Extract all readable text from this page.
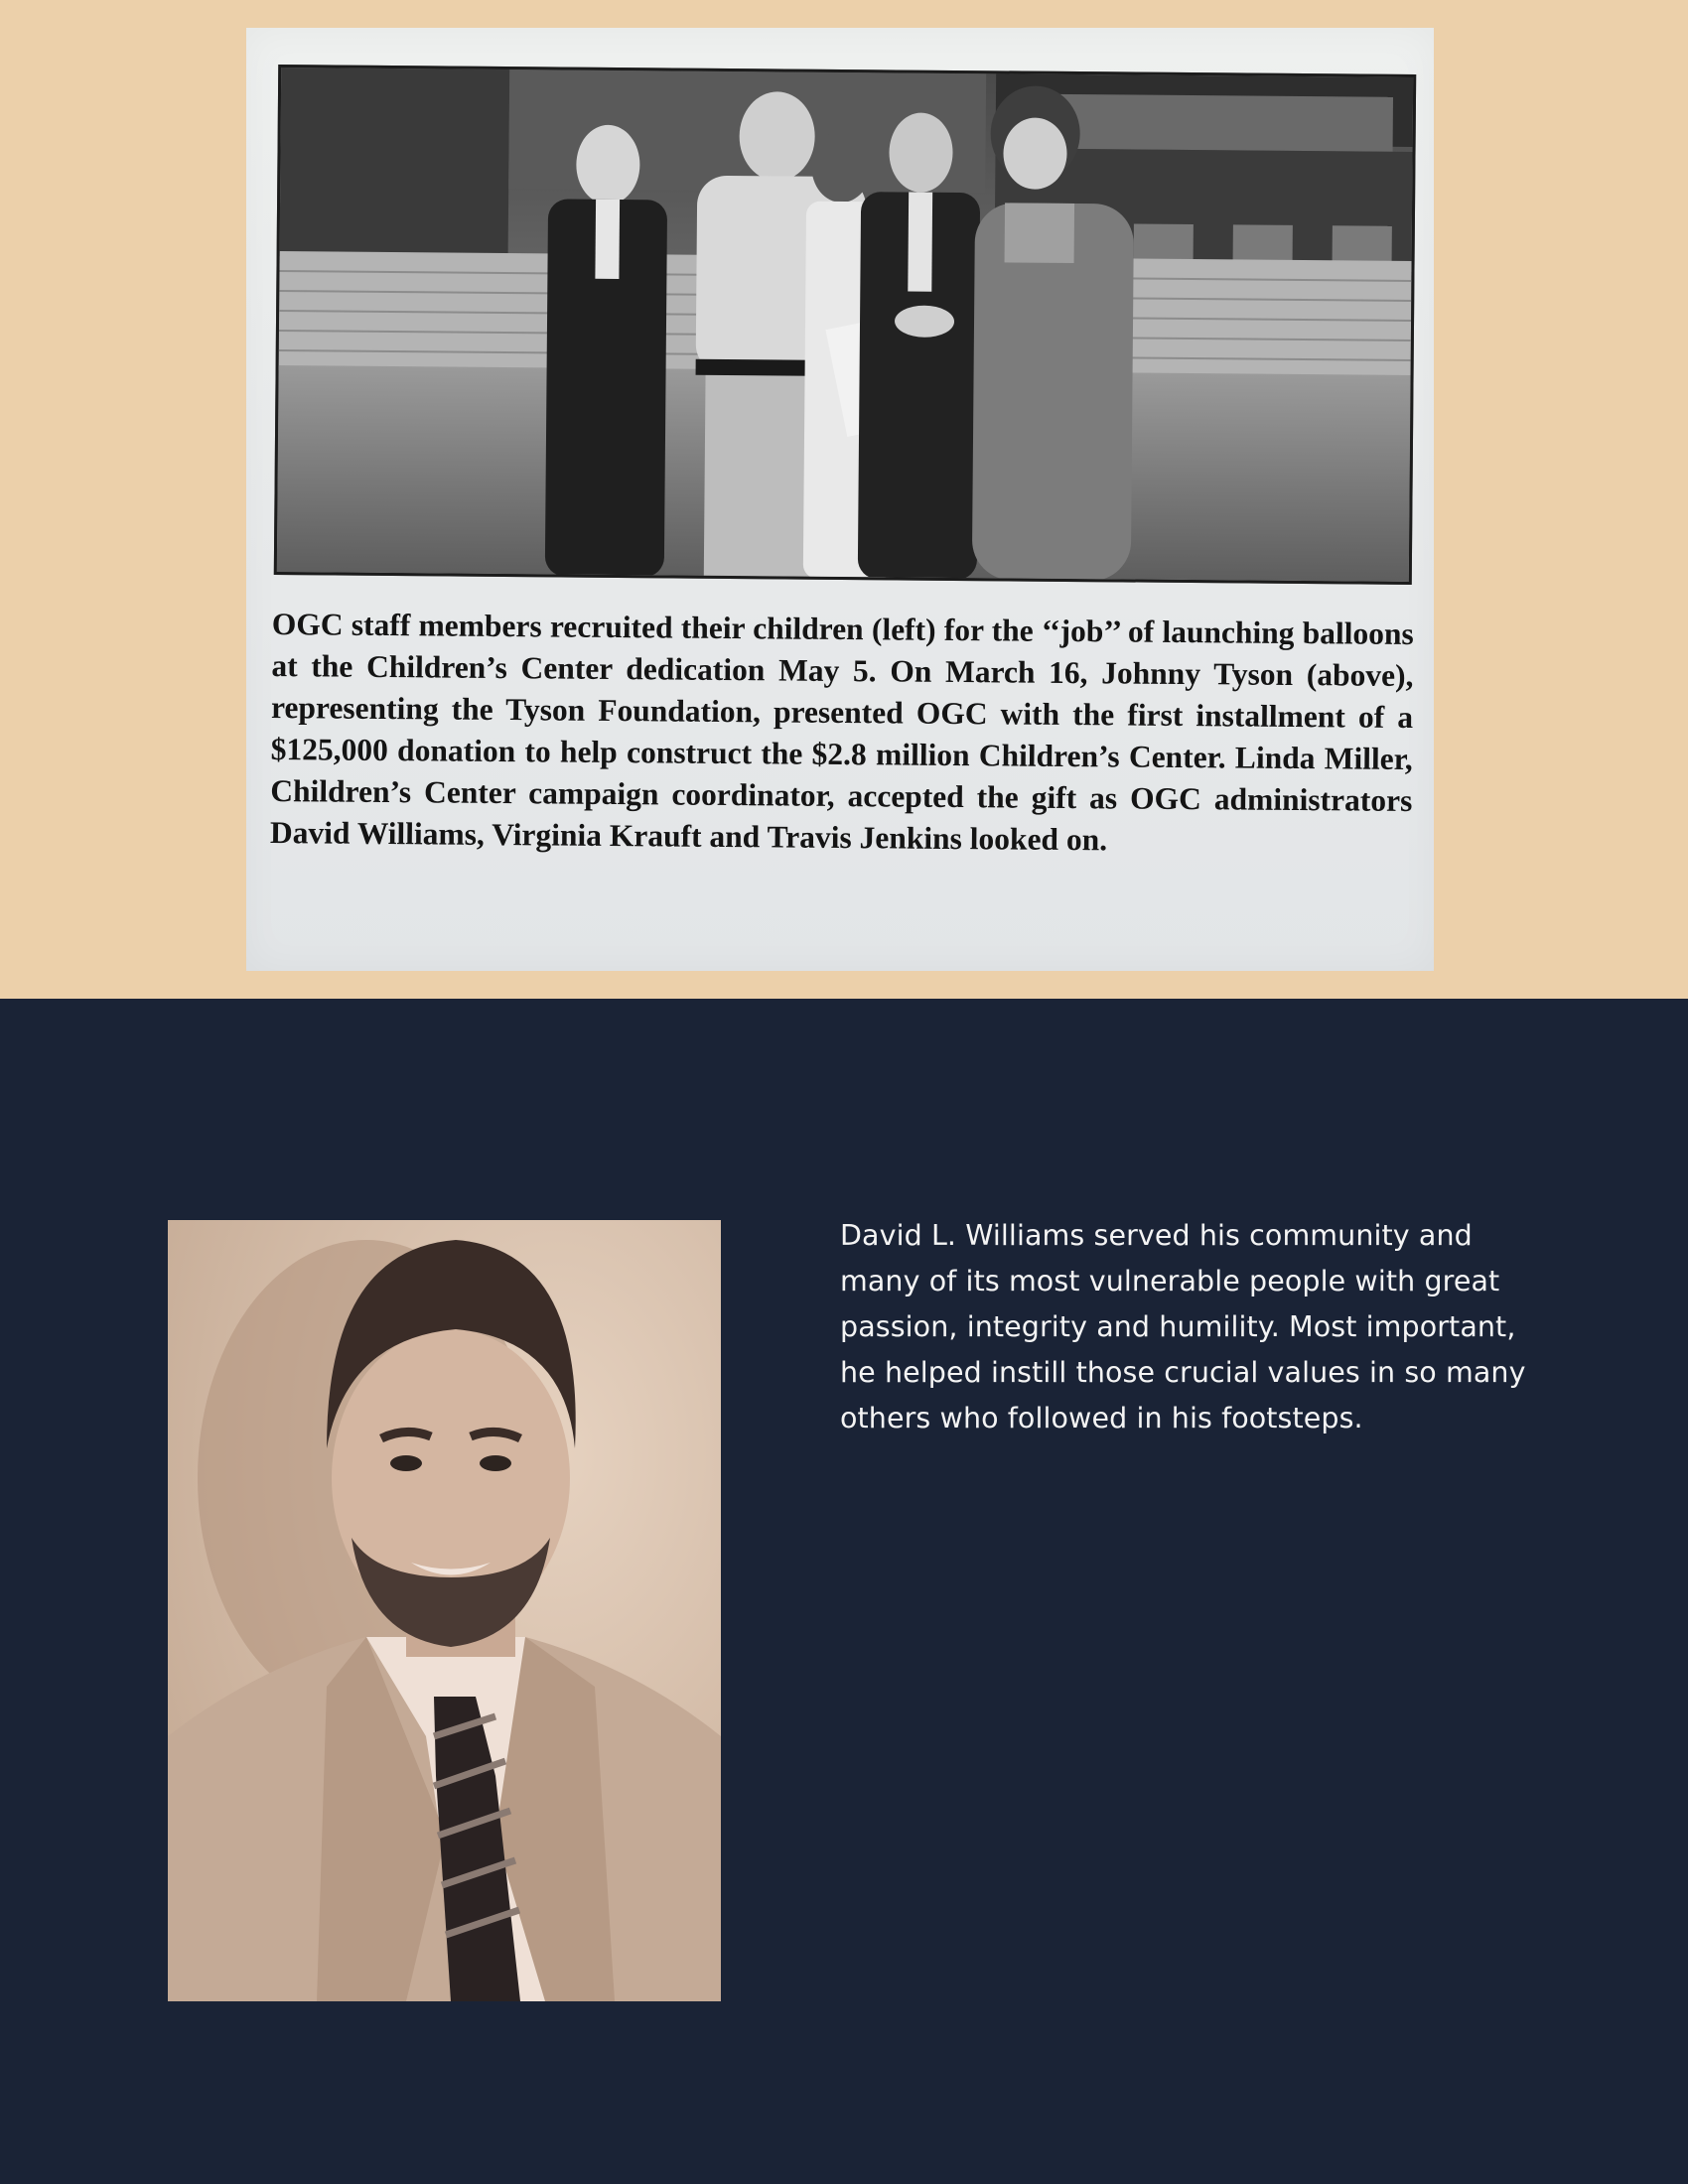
OGC staff members recruited their children (left) for the ‘‘job’’ of launching balloons at the Children’s Center dedication May 5. On March 16, Johnny Tyson (above), representing the Tyson Foundation, presented OGC with the first installment of a $125,000 donation to help construct the $2.8 million Children’s Center. Linda Miller, Children’s Center campaign coordinator, accepted the gift as OGC administrators David Williams, Virginia Krauft and Travis Jenkins looked on.

David L. Williams served his community and many of its most vulnerable people with great passion, integrity and humility. Most important, he helped instill those crucial values in so many others who followed in his footsteps.
